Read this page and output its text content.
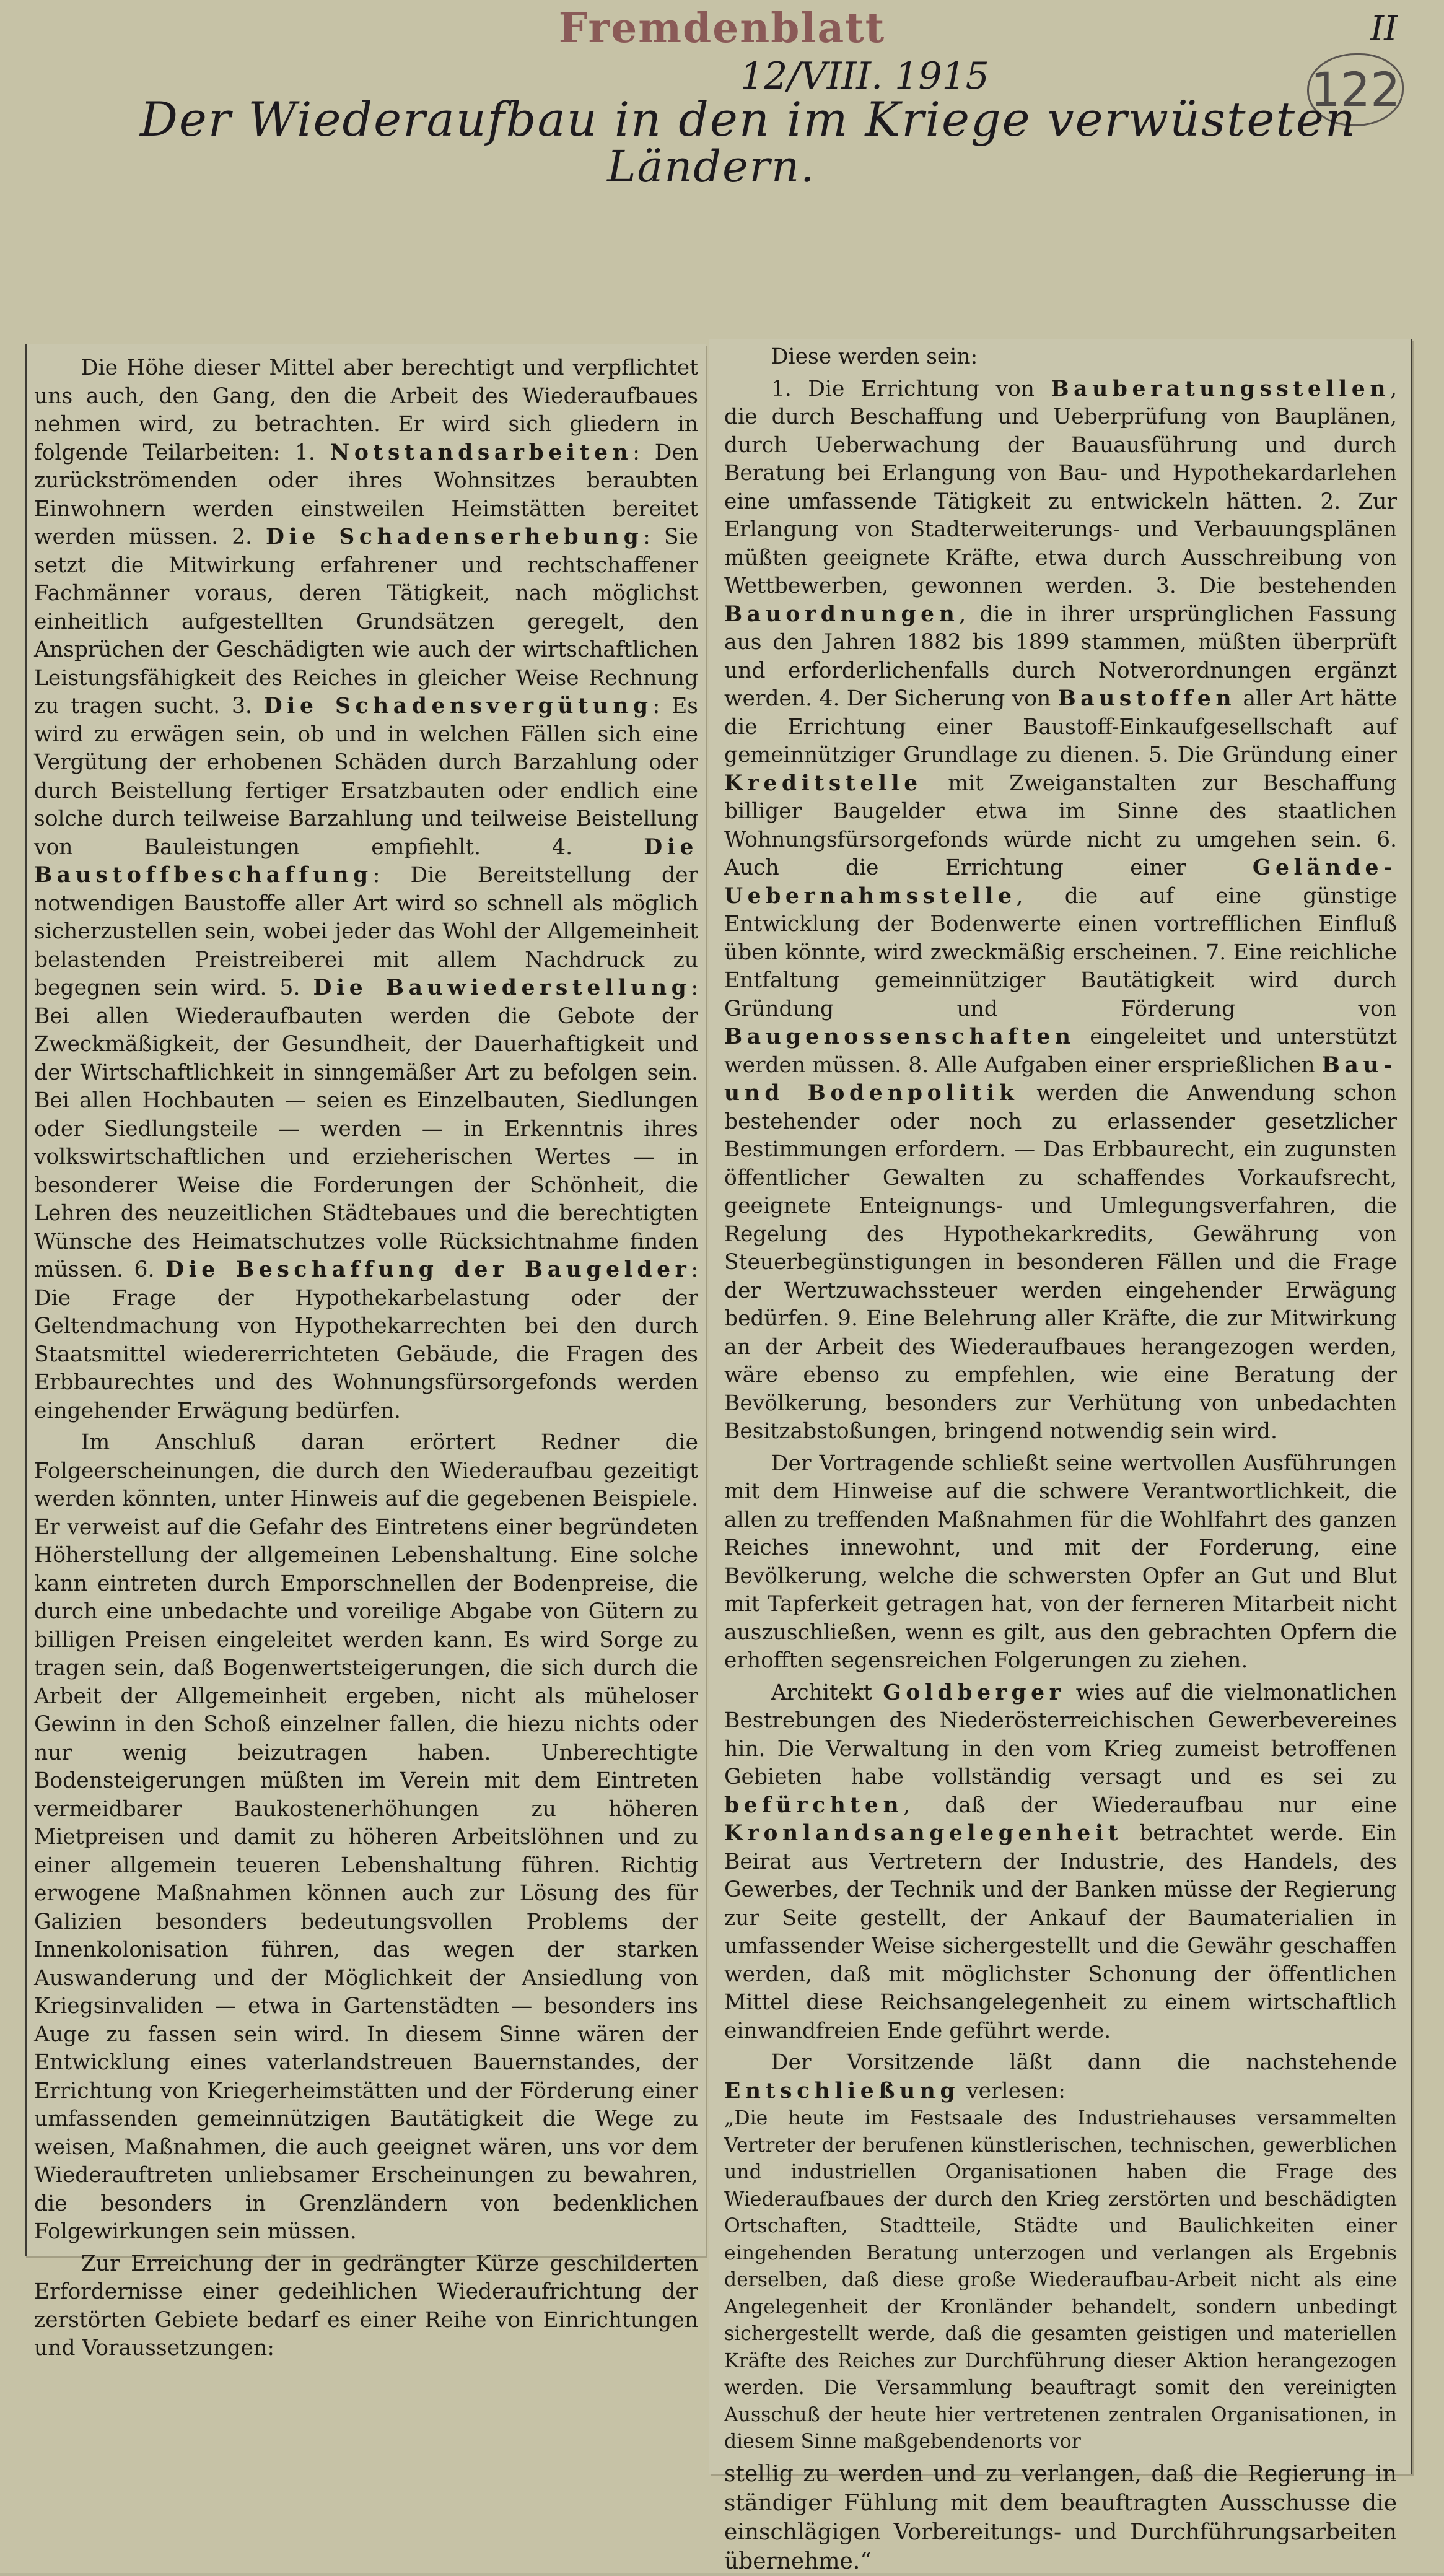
Fremdenblatt	II
122
12/VIII. 1915
Der Wiederaufbau in den im Kriege verwüsteten
Ländern.

Die Höhe dieser Mittel aber berechtigt und verpflichtet uns auch, den Gang, den die Arbeit des Wiederaufbaues nehmen wird, zu betrachten. Er wird sich gliedern in folgende Teilarbeiten: 1. Notstandsarbeiten: Den zurückströmenden oder ihres Wohnsitzes beraubten Einwohnern werden einstweilen Heimstätten bereitet werden müssen. 2. Die Schadenserhebung: Sie setzt die Mitwirkung erfahrener und rechtschaffener Fachmänner voraus, deren Tätigkeit, nach möglichst einheitlich aufgestellten Grundsätzen geregelt, den Ansprüchen der Geschädigten wie auch der wirtschaftlichen Leistungsfähigkeit des Reiches in gleicher Weise Rechnung zu tragen sucht. 3. Die Schadensvergütung: Es wird zu erwägen sein, ob und in welchen Fällen sich eine Vergütung der erhobenen Schäden durch Barzahlung oder durch Beistellung fertiger Ersatzbauten oder endlich eine solche durch teilweise Barzahlung und teilweise Beistellung von Bauleistungen empfiehlt. 4. Die Baustoffbeschaffung: Die Bereitstellung der notwendigen Baustoffe aller Art wird so schnell als möglich sicherzustellen sein, wobei jeder das Wohl der Allgemeinheit belastenden Preistreiberei mit allem Nachdruck zu begegnen sein wird. 5. Die Bauwiederstellung: Bei allen Wiederaufbauten werden die Gebote der Zweckmäßigkeit, der Gesundheit, der Dauerhaftigkeit und der Wirtschaftlichkeit in sinngemäßer Art zu befolgen sein. Bei allen Hochbauten — seien es Einzelbauten, Siedlungen oder Siedlungsteile — werden — in Erkenntnis ihres volkswirtschaftlichen und erzieherischen Wertes — in besonderer Weise die Forderungen der Schönheit, die Lehren des neuzeitlichen Städtebaues und die berechtigten Wünsche des Heimatschutzes volle Rücksichtnahme finden müssen. 6. Die Beschaffung der Baugelder: Die Frage der Hypothekarbelastung oder der Geltendmachung von Hypothekarrechten bei den durch Staatsmittel wiedererrichteten Gebäude, die Fragen des Erbbaurechtes und des Wohnungsfürsorgefonds werden eingehender Erwägung bedürfen.

Im Anschluß daran erörtert Redner die Folgeerscheinungen, die durch den Wiederaufbau gezeitigt werden könnten, unter Hinweis auf die gegebenen Beispiele. Er verweist auf die Gefahr des Eintretens einer begründeten Höherstellung der allgemeinen Lebenshaltung. Eine solche kann eintreten durch Emporschnellen der Bodenpreise, die durch eine unbedachte und voreilige Abgabe von Gütern zu billigen Preisen eingeleitet werden kann. Es wird Sorge zu tragen sein, daß Bogenwertsteigerungen, die sich durch die Arbeit der Allgemeinheit ergeben, nicht als müheloser Gewinn in den Schoß einzelner fallen, die hiezu nichts oder nur wenig beizutragen haben. Unberechtigte Bodensteigerungen müßten im Verein mit dem Eintreten vermeidbarer Baukostenerhöhungen zu höheren Mietpreisen und damit zu höheren Arbeitslöhnen und zu einer allgemein teueren Lebenshaltung führen. Richtig erwogene Maßnahmen können auch zur Lösung des für Galizien besonders bedeutungsvollen Problems der Innenkolonisation führen, das wegen der starken Auswanderung und der Möglichkeit der Ansiedlung von Kriegsinvaliden — etwa in Gartenstädten — besonders ins Auge zu fassen sein wird. In diesem Sinne wären der Entwicklung eines vaterlandstreuen Bauernstandes, der Errichtung von Kriegerheimstätten und der Förderung einer umfassenden gemeinnützigen Bautätigkeit die Wege zu weisen, Maßnahmen, die auch geeignet wären, uns vor dem Wiederauftreten unliebsamer Erscheinungen zu bewahren, die besonders in Grenzländern von bedenklichen Folgewirkungen sein müssen.

Zur Erreichung der in gedrängter Kürze geschilderten Erfordernisse einer gedeihlichen Wiederaufrichtung der zerstörten Gebiete bedarf es einer Reihe von Einrichtungen und Voraussetzungen:

Diese werden sein:

1. Die Errichtung von Bauberatungsstellen, die durch Beschaffung und Ueberprüfung von Bauplänen, durch Ueberwachung der Bauausführung und durch Beratung bei Erlangung von Bau- und Hypothekardarlehen eine umfassende Tätigkeit zu entwickeln hätten. 2. Zur Erlangung von Stadterweiterungs- und Verbauungsplänen müßten geeignete Kräfte, etwa durch Ausschreibung von Wettbewerben, gewonnen werden. 3. Die bestehenden Bauordnungen, die in ihrer ursprünglichen Fassung aus den Jahren 1882 bis 1899 stammen, müßten überprüft und erforderlichenfalls durch Notverordnungen ergänzt werden. 4. Der Sicherung von Baustoffen aller Art hätte die Errichtung einer Baustoff-Einkaufgesellschaft auf gemeinnütziger Grundlage zu dienen. 5. Die Gründung einer Kreditstelle mit Zweiganstalten zur Beschaffung billiger Baugelder etwa im Sinne des staatlichen Wohnungsfürsorgefonds würde nicht zu umgehen sein. 6. Auch die Errichtung einer Gelände-Uebernahmsstelle, die auf eine günstige Entwicklung der Bodenwerte einen vortrefflichen Einfluß üben könnte, wird zweckmäßig erscheinen. 7. Eine reichliche Entfaltung gemeinnütziger Bautätigkeit wird durch Gründung und Förderung von Baugenossenschaften eingeleitet und unterstützt werden müssen. 8. Alle Aufgaben einer ersprießlichen Bau- und Bodenpolitik werden die Anwendung schon bestehender oder noch zu erlassender gesetzlicher Bestimmungen erfordern. — Das Erbbaurecht, ein zugunsten öffentlicher Gewalten zu schaffendes Vorkaufsrecht, geeignete Enteignungs- und Umlegungsverfahren, die Regelung des Hypothekarkredits, Gewährung von Steuerbegünstigungen in besonderen Fällen und die Frage der Wertzuwachssteuer werden eingehender Erwägung bedürfen. 9. Eine Belehrung aller Kräfte, die zur Mitwirkung an der Arbeit des Wiederaufbaues herangezogen werden, wäre ebenso zu empfehlen, wie eine Beratung der Bevölkerung, besonders zur Verhütung von unbedachten Besitzabstoßungen, bringend notwendig sein wird.

Der Vortragende schließt seine wertvollen Ausführungen mit dem Hinweise auf die schwere Verantwortlichkeit, die allen zu treffenden Maßnahmen für die Wohlfahrt des ganzen Reiches innewohnt, und mit der Forderung, eine Bevölkerung, welche die schwersten Opfer an Gut und Blut mit Tapferkeit getragen hat, von der ferneren Mitarbeit nicht auszuschließen, wenn es gilt, aus den gebrachten Opfern die erhofften segensreichen Folgerungen zu ziehen.

Architekt Goldberger wies auf die vielmonatlichen Bestrebungen des Niederösterreichischen Gewerbevereines hin. Die Verwaltung in den vom Krieg zumeist betroffenen Gebieten habe vollständig versagt und es sei zu befürchten, daß der Wiederaufbau nur eine Kronlandsangelegenheit betrachtet werde. Ein Beirat aus Vertretern der Industrie, des Handels, des Gewerbes, der Technik und der Banken müsse der Regierung zur Seite gestellt, der Ankauf der Baumaterialien in umfassender Weise sichergestellt und die Gewähr geschaffen werden, daß mit möglichster Schonung der öffentlichen Mittel diese Reichsangelegenheit zu einem wirtschaftlich einwandfreien Ende geführt werde.

Der Vorsitzende läßt dann die nachstehende Entschließung verlesen:

„Die heute im Festsaale des Industriehauses versammelten Vertreter der berufenen künstlerischen, technischen, gewerblichen und industriellen Organisationen haben die Frage des Wiederaufbaues der durch den Krieg zerstörten und beschädigten Ortschaften, Stadtteile, Städte und Baulichkeiten einer eingehenden Beratung unterzogen und verlangen als Ergebnis derselben, daß diese große Wiederaufbau-Arbeit nicht als eine Angelegenheit der Kronländer behandelt, sondern unbedingt sichergestellt werde, daß die gesamten geistigen und materiellen Kräfte des Reiches zur Durchführung dieser Aktion herangezogen werden. Die Versammlung beauftragt somit den vereinigten Ausschuß der heute hier vertretenen zentralen Organisationen, in diesem Sinne maßgebendenorts vor

stellig zu werden und zu verlangen, daß die Regierung in ständiger Fühlung mit dem beauftragten Ausschusse die einschlägigen Vorbereitungs- und Durchführungsarbeiten übernehme.“
